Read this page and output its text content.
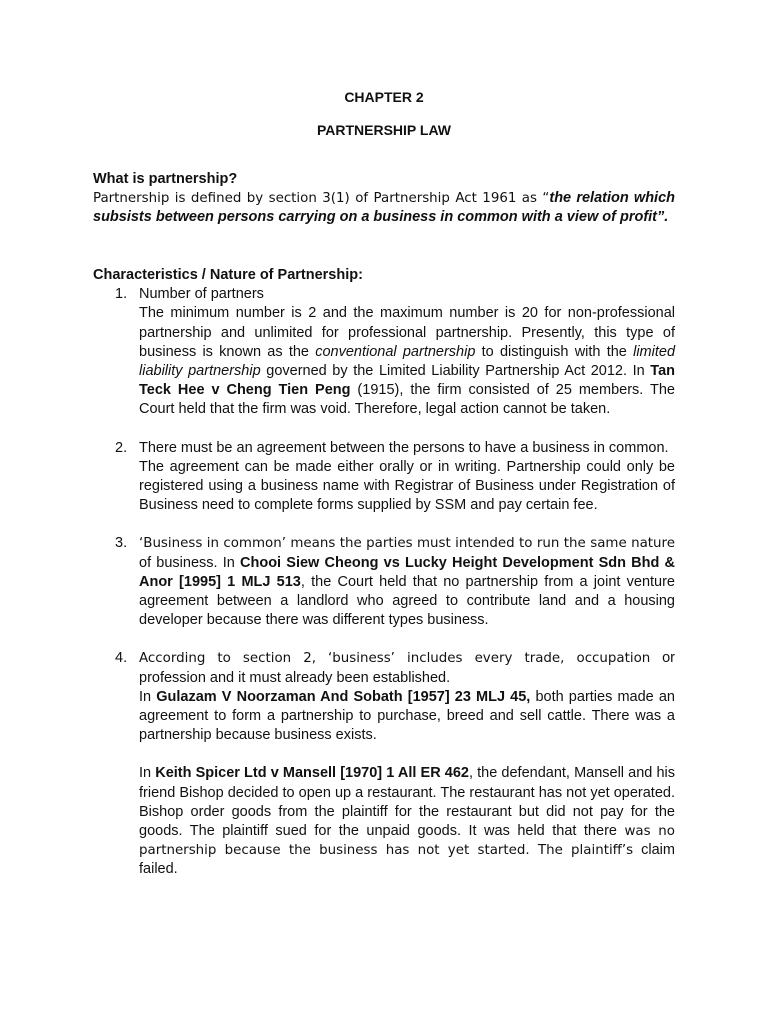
CHAPTER 2
PARTNERSHIP LAW

What is partnership?

Partnership is defined by section 3(1) of Partnership Act 1961 as “the relation which subsists between persons carrying on a business in common with a view of profit”.

Characteristics / Nature of Partnership:

1. Number of partners

The minimum number is 2 and the maximum number is 20 for non-professional partnership and unlimited for professional partnership. Presently, this type of business is known as the conventional partnership to distinguish with the limited liability partnership governed by the Limited Liability Partnership Act 2012. In Tan Teck Hee v Cheng Tien Peng (1915), the firm consisted of 25 members. The Court held that the firm was void. Therefore, legal action cannot be taken.

2. There must be an agreement between the persons to have a business in common.

The agreement can be made either orally or in writing. Partnership could only be registered using a business name with Registrar of Business under Registration of Business need to complete forms supplied by SSM and pay certain fee.

3. ‘Business in common’ means the parties must intended to run the same nature of business. In Chooi Siew Cheong vs Lucky Height Development Sdn Bhd & Anor [1995] 1 MLJ 513, the Court held that no partnership from a joint venture agreement between a landlord who agreed to contribute land and a housing developer because there was different types business.

4. According to section 2, ‘business’ includes every trade, occupation or profession and it must already been established.

In Gulazam V Noorzaman And Sobath [1957] 23 MLJ 45, both parties made an agreement to form a partnership to purchase, breed and sell cattle. There was a partnership because business exists.

In Keith Spicer Ltd v Mansell [1970] 1 All ER 462, the defendant, Mansell and his friend Bishop decided to open up a restaurant. The restaurant has not yet operated. Bishop order goods from the plaintiff for the restaurant but did not pay for the goods. The plaintiff sued for the unpaid goods. It was held that there was no partnership because the business has not yet started. The plaintiff’s claim failed.
